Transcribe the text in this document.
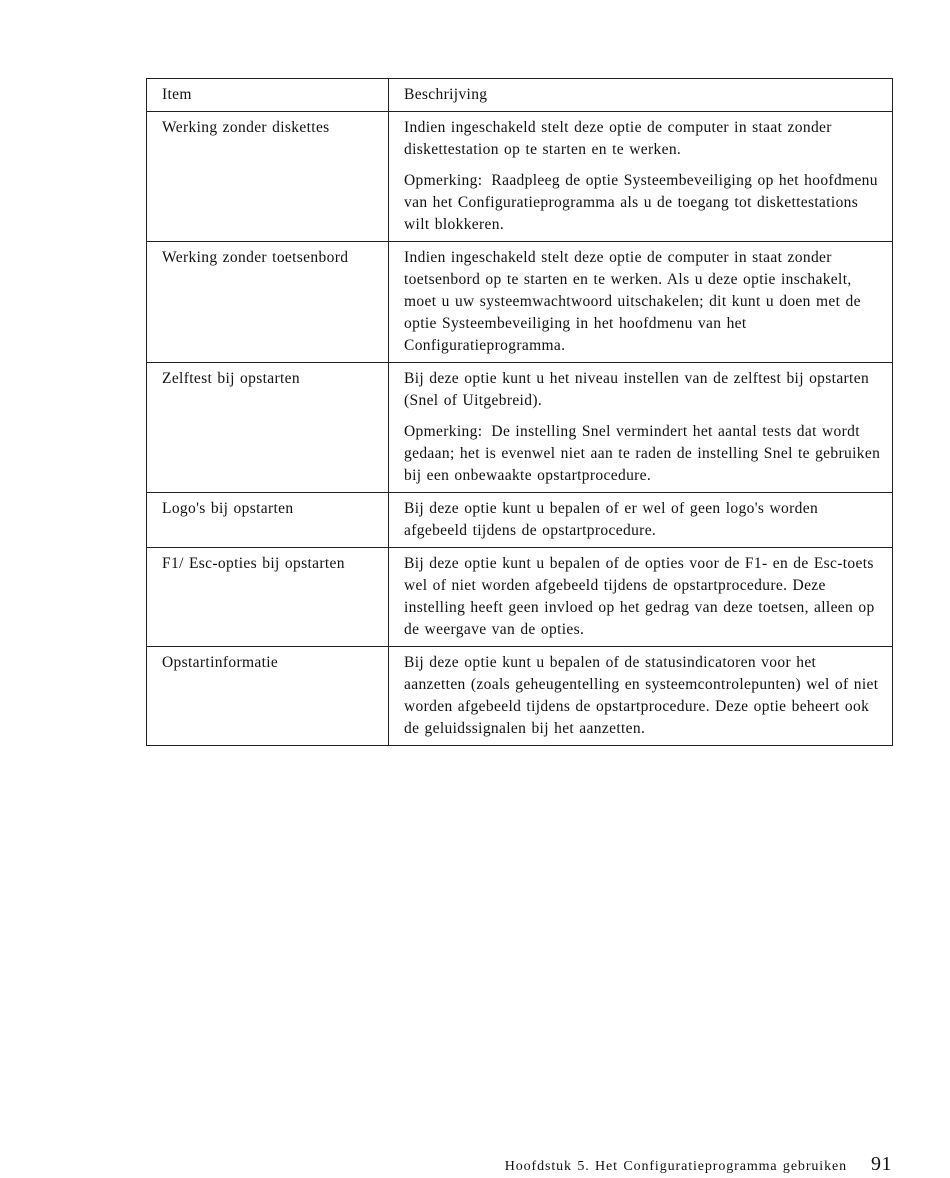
Item	Beschrijving
Werking zonder diskettes	Indien ingeschakeld stelt deze optie de computer in staat zonder diskettestation op te starten en te werken.

Opmerking: Raadpleeg de optie Systeembeveiliging op het hoofdmenu van het Configuratieprogramma als u de toegang tot diskettestations wilt blokkeren.

Werking zonder toetsenbord	Indien ingeschakeld stelt deze optie de computer in staat zonder toetsenbord op te starten en te werken. Als u deze optie inschakelt, moet u uw systeemwachtwoord uitschakelen; dit kunt u doen met de optie Systeembeveiliging in het hoofdmenu van het Configuratieprogramma.

Zelftest bij opstarten	Bij deze optie kunt u het niveau instellen van de zelftest bij opstarten (Snel of Uitgebreid).

Opmerking: De instelling Snel vermindert het aantal tests dat wordt gedaan; het is evenwel niet aan te raden de instelling Snel te gebruiken bij een onbewaakte opstartprocedure.

Logo's bij opstarten	Bij deze optie kunt u bepalen of er wel of geen logo's worden afgebeeld tijdens de opstartprocedure.

F1/ Esc-opties bij opstarten	Bij deze optie kunt u bepalen of de opties voor de F1- en de Esc-toets wel of niet worden afgebeeld tijdens de opstartprocedure. Deze instelling heeft geen invloed op het gedrag van deze toetsen, alleen op de weergave van de opties.

Opstartinformatie	Bij deze optie kunt u bepalen of de statusindicatoren voor het aanzetten (zoals geheugentelling en systeemcontrolepunten) wel of niet worden afgebeeld tijdens de opstartprocedure. Deze optie beheert ook de geluidssignalen bij het aanzetten.

Hoofdstuk 5. Het Configuratieprogramma gebruiken 91
